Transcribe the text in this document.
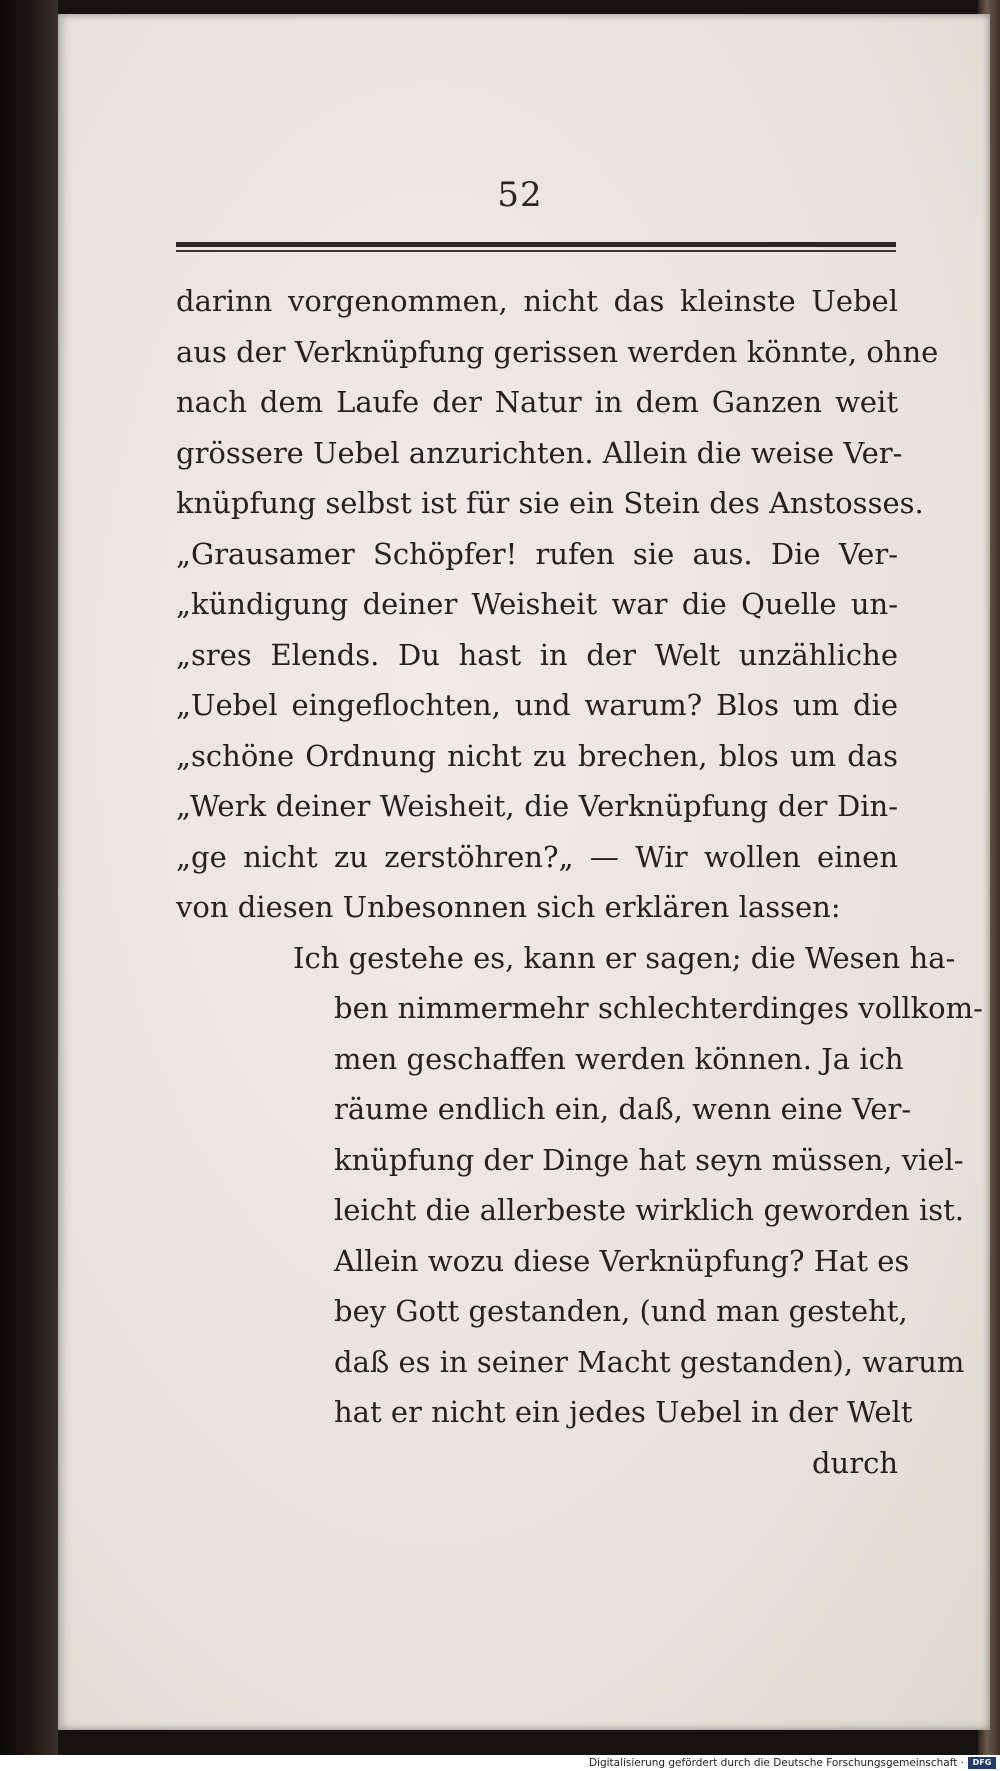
52
darinn vorgenommen, nicht das kleinste Uebel
aus der Verknüpfung gerissen werden könnte, ohne
nach dem Laufe der Natur in dem Ganzen weit
grössere Uebel anzurichten. Allein die weise Ver-
knüpfung selbst ist für sie ein Stein des Anstosses.
„Grausamer Schöpfer! rufen sie aus. Die Ver-
„kündigung deiner Weisheit war die Quelle un-
„sres Elends. Du hast in der Welt unzähliche
„Uebel eingeflochten, und warum? Blos um die
„schöne Ordnung nicht zu brechen, blos um das
„Werk deiner Weisheit, die Verknüpfung der Din-
„ge nicht zu zerstöhren?„ — Wir wollen einen
von diesen Unbesonnen sich erklären lassen:
Ich gestehe es, kann er sagen; die Wesen ha-
ben nimmermehr schlechterdinges vollkom-
men geschaffen werden können. Ja ich
räume endlich ein, daß, wenn eine Ver-
knüpfung der Dinge hat seyn müssen, viel-
leicht die allerbeste wirklich geworden ist.
Allein wozu diese Verknüpfung? Hat es
bey Gott gestanden, (und man gesteht,
daß es in seiner Macht gestanden), warum
hat er nicht ein jedes Uebel in der Welt
durch
Digitalisierung gefördert durch die Deutsche Forschungsgemeinschaft ·	DFG
